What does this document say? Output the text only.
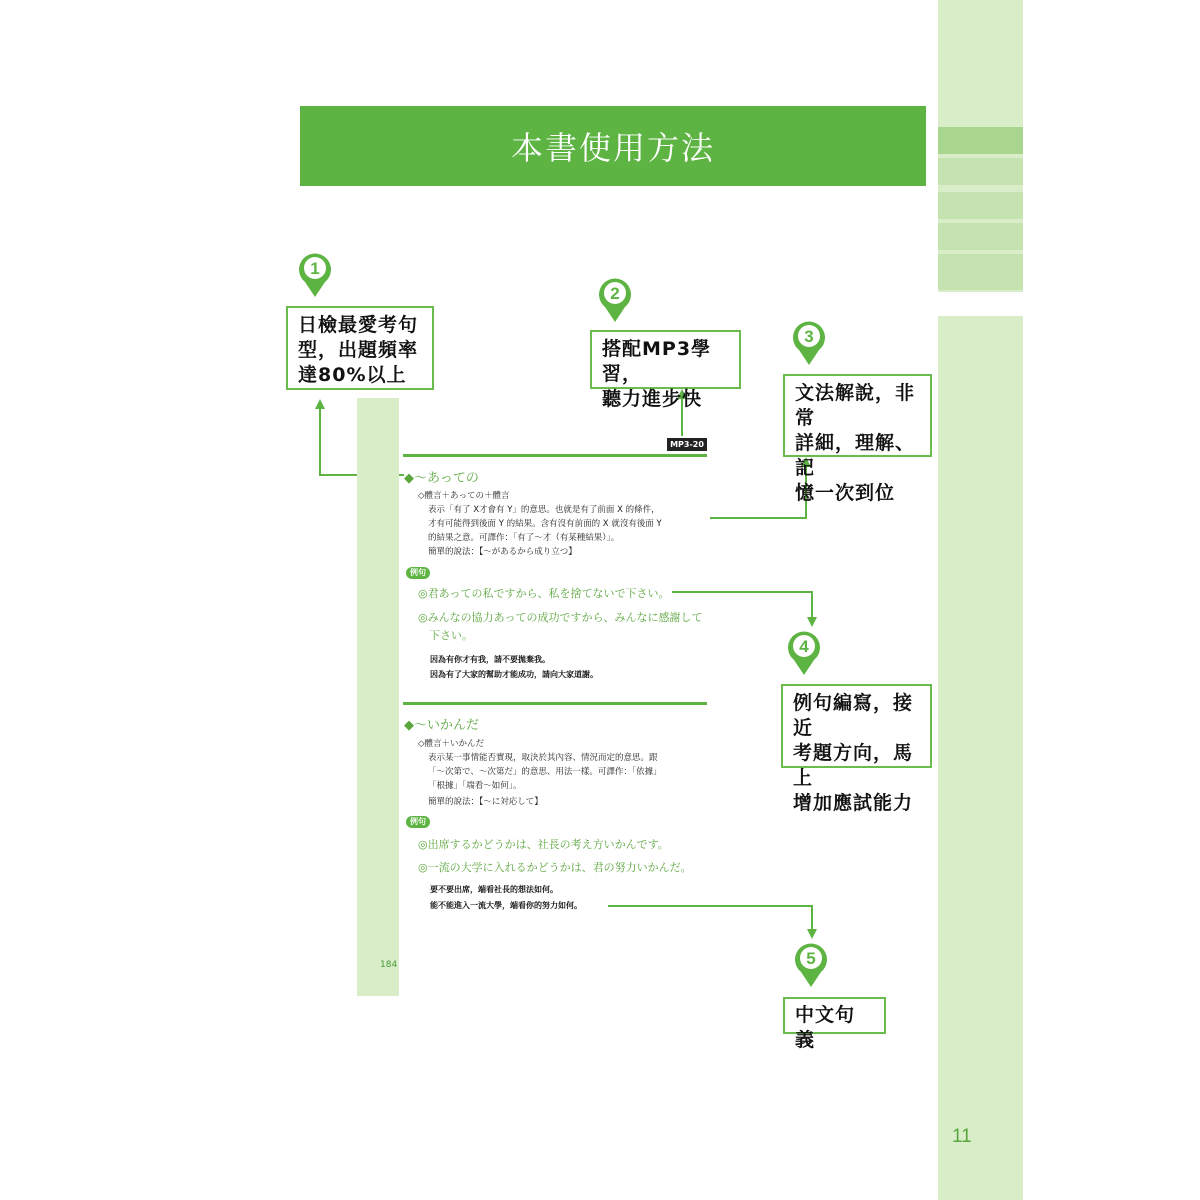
11
本書使用方法
1
2
3
4
5
日檢最愛考句
型，出題頻率
達80%以上
搭配MP3學習，
聽力進步快	文法解說，非常
詳細，理解、記
憶一次到位
例句編寫，接近
考題方向，馬上
增加應試能力
中文句義
184
MP3-20
◆〜あっての
◇體言＋あっての＋體言
表示「有了 X才會有 Y」的意思。也就是有了前面 X 的條件，
才有可能得到後面 Y 的結果。含有沒有前面的 X 就沒有後面 Y
的結果之意。可譯作：「有了〜才（有某種結果）」。
簡單的說法：【〜があるから成り立つ】
例句
◎君あっての私ですから、私を捨てないで下さい。
◎みんなの協力あっての成功ですから、みんなに感謝して
　下さい。
因為有你才有我，請不要拋棄我。
因為有了大家的幫助才能成功，請向大家道謝。
◆〜いかんだ
◇體言＋いかんだ
表示某一事情能否實現，取決於其內容、情況而定的意思。跟
「〜次第で、〜次第だ」的意思、用法一樣。可譯作：「依據」
「根據」「端看〜如何」。
簡單的說法：【〜に対応して】
例句
◎出席するかどうかは、社長の考え方いかんです。
◎一流の大学に入れるかどうかは、君の努力いかんだ。
要不要出席，端看社長的想法如何。
能不能進入一流大學，端看你的努力如何。
